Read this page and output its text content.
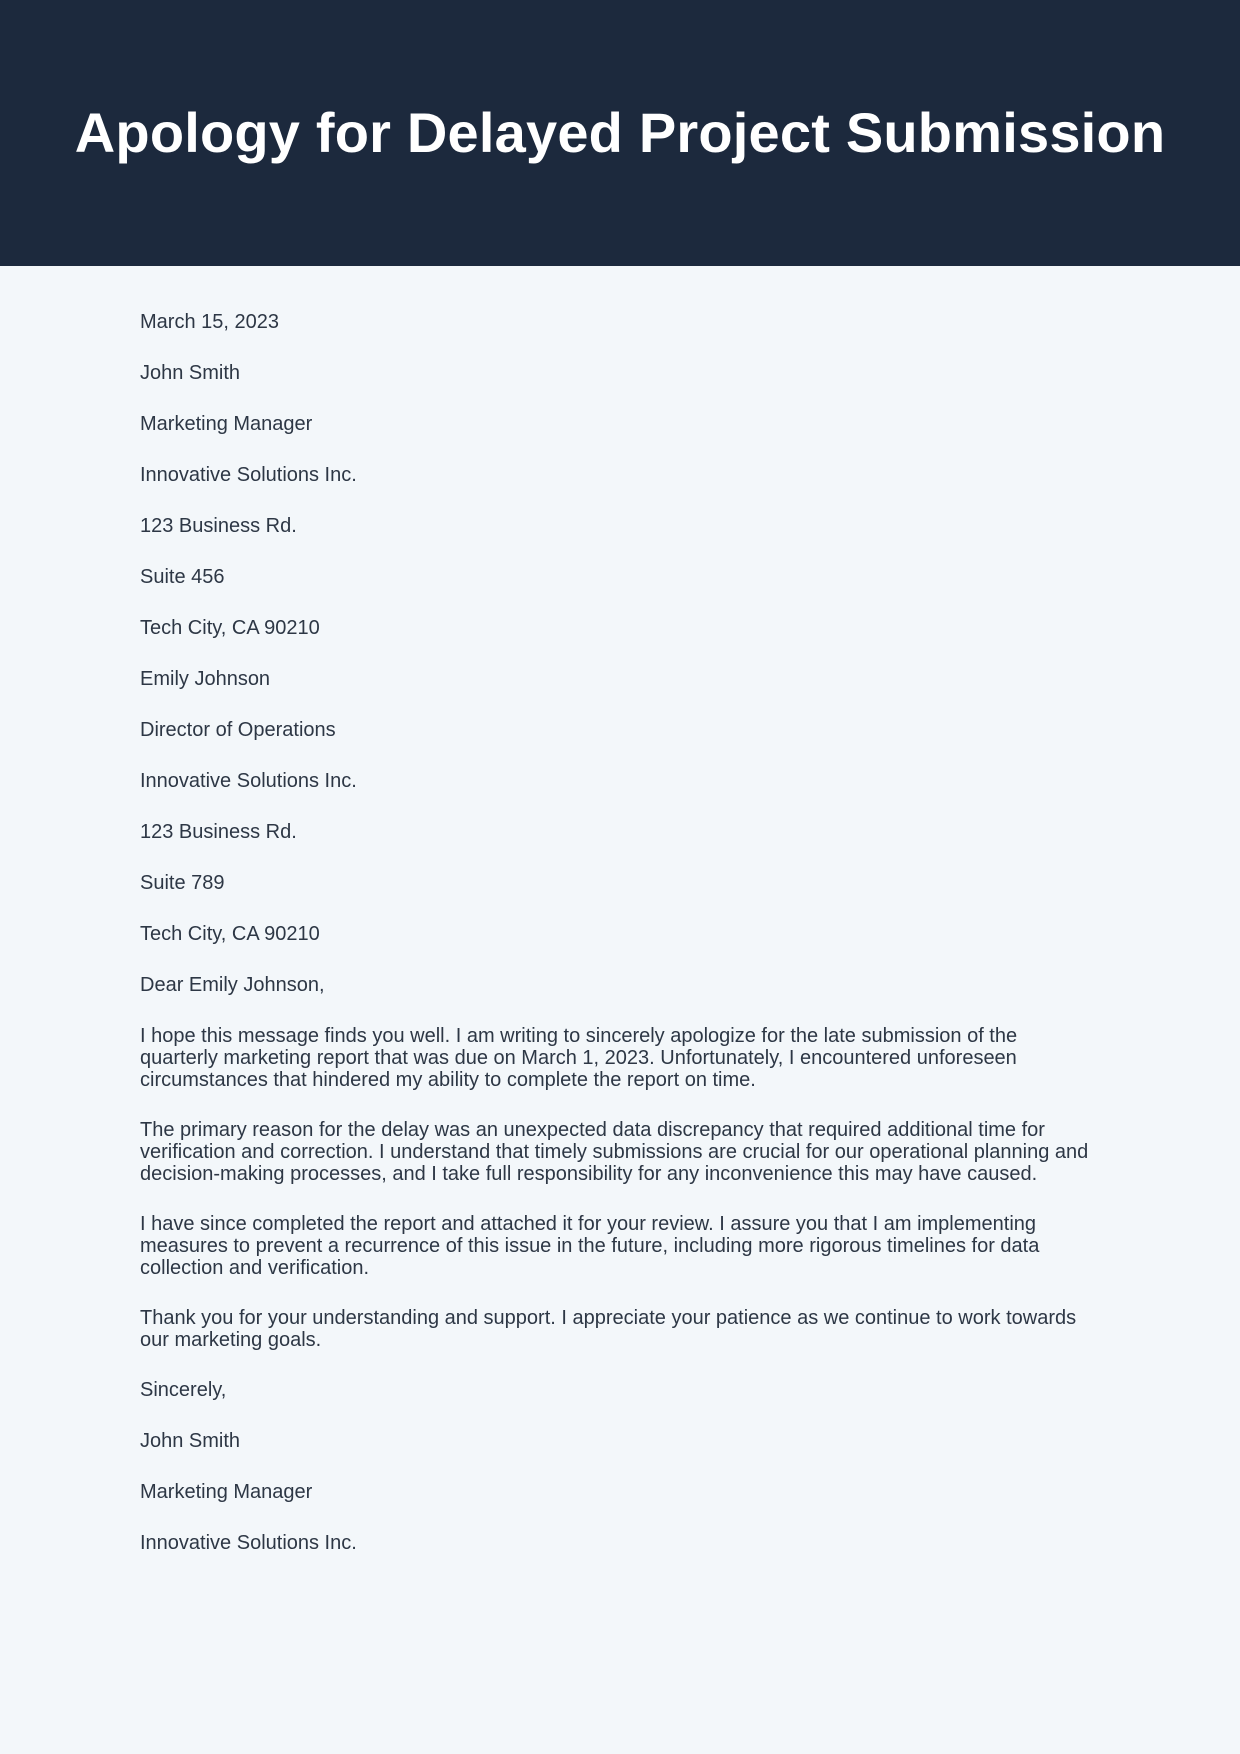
Apology for Delayed Project Submission

March 15, 2023

John Smith

Marketing Manager

Innovative Solutions Inc.

123 Business Rd.

Suite 456

Tech City, CA 90210

Emily Johnson

Director of Operations

Innovative Solutions Inc.

123 Business Rd.

Suite 789

Tech City, CA 90210

Dear Emily Johnson,

I hope this message finds you well. I am writing to sincerely apologize for the late submission of the quarterly marketing report that was due on March 1, 2023. Unfortunately, I encountered unforeseen circumstances that hindered my ability to complete the report on time.

The primary reason for the delay was an unexpected data discrepancy that required additional time for verification and correction. I understand that timely submissions are crucial for our operational planning and decision-making processes, and I take full responsibility for any inconvenience this may have caused.

I have since completed the report and attached it for your review. I assure you that I am implementing measures to prevent a recurrence of this issue in the future, including more rigorous timelines for data collection and verification.

Thank you for your understanding and support. I appreciate your patience as we continue to work towards our marketing goals.

Sincerely,

John Smith

Marketing Manager

Innovative Solutions Inc.
